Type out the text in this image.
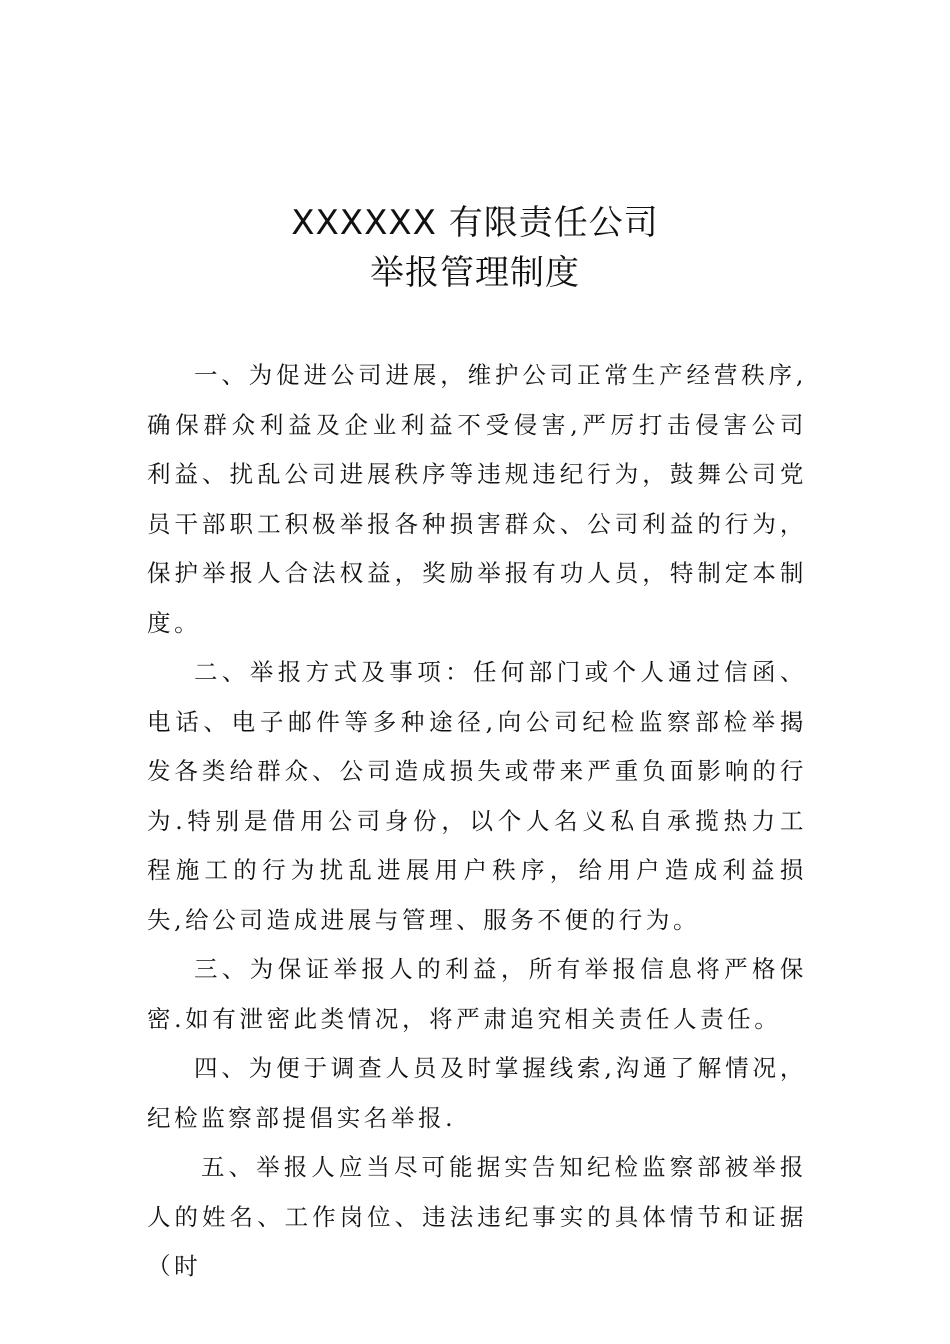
XXXXXX 有限责任公司
举报管理制度

一、为促进公司进展，维护公司正常生产经营秩序,确保群众利益及企业利益不受侵害,严厉打击侵害公司利益、扰乱公司进展秩序等违规违纪行为，鼓舞公司党员干部职工积极举报各种损害群众、公司利益的行为，保护举报人合法权益，奖励举报有功人员，特制定本制度。

二、举报方式及事项：任何部门或个人通过信函、电话、电子邮件等多种途径,向公司纪检监察部检举揭发各类给群众、公司造成损失或带来严重负面影响的行为.特别是借用公司身份，以个人名义私自承揽热力工程施工的行为扰乱进展用户秩序，给用户造成利益损失,给公司造成进展与管理、服务不便的行为。

三、为保证举报人的利益，所有举报信息将严格保密.如有泄密此类情况，将严肃追究相关责任人责任。

四、为便于调查人员及时掌握线索,沟通了解情况，纪检监察部提倡实名举报.

五、举报人应当尽可能据实告知纪检监察部被举报人的姓名、工作岗位、违法违纪事实的具体情节和证据（时
